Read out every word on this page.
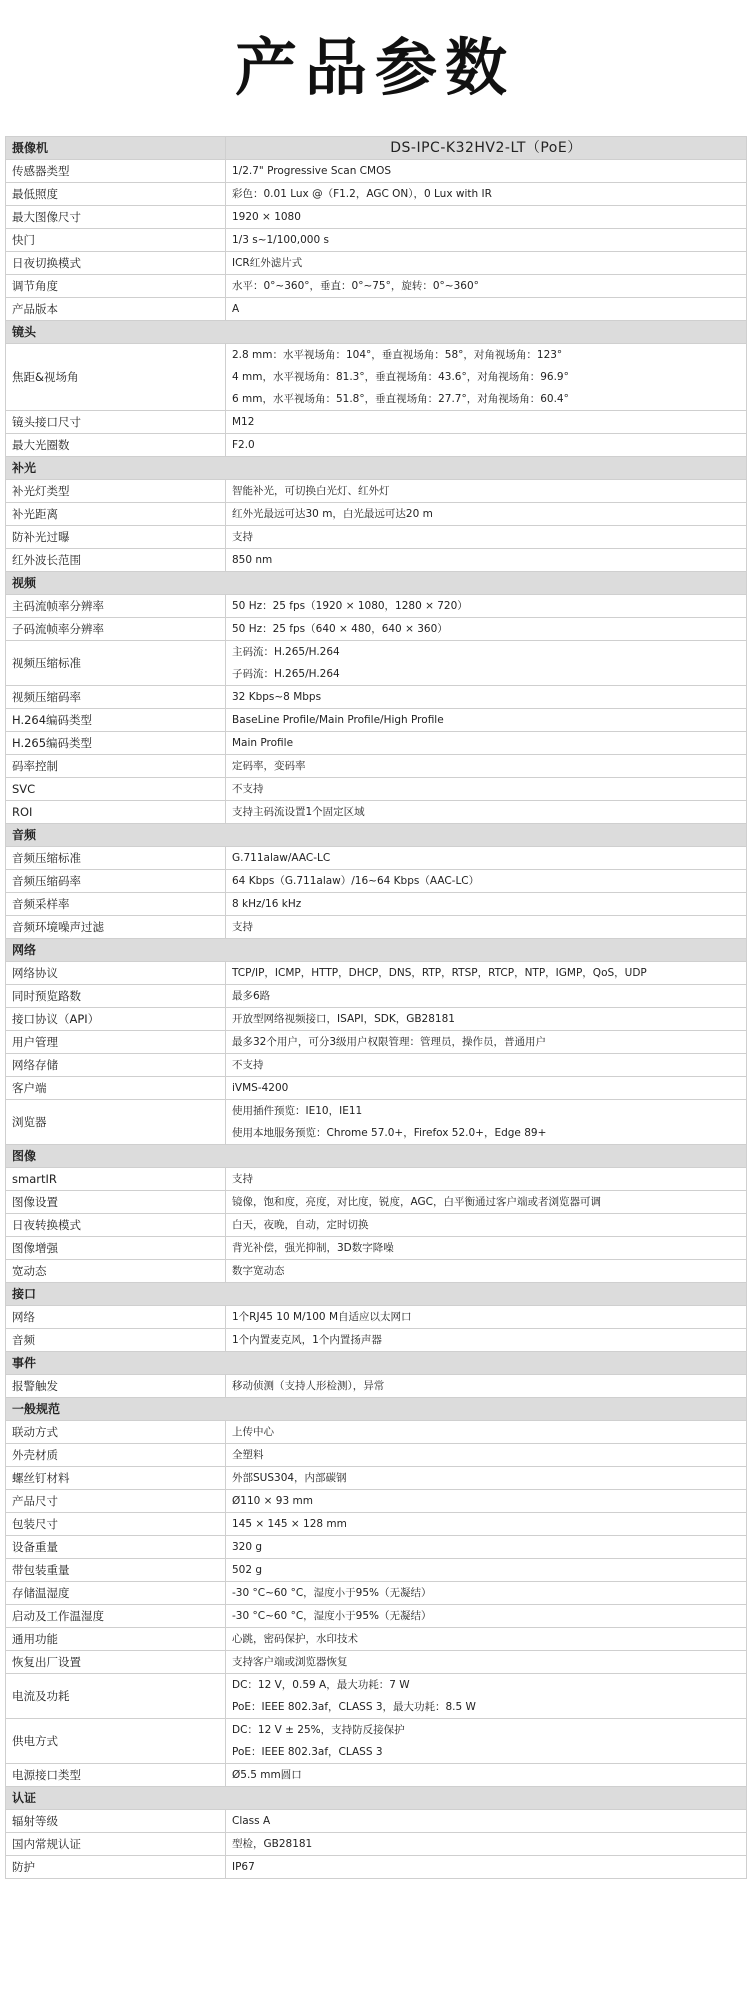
产品参数
摄像机	DS-IPC-K32HV2-LT（PoE）
传感器类型	1/2.7" Progressive Scan CMOS

最低照度	彩色：0.01 Lux @（F1.2，AGC ON），0 Lux with IR

最大图像尺寸	1920 × 1080

快门	1/3 s~1/100,000 s

日夜切换模式	ICR红外滤片式

调节角度	水平：0°~360°，垂直：0°~75°，旋转：0°~360°

产品版本	A

镜头	
焦距&视场角	2.8 mm：水平视场角：104°，垂直视场角：58°，对角视场角：123°
4 mm，水平视场角：81.3°，垂直视场角：43.6°，对角视场角：96.9°
6 mm，水平视场角：51.8°，垂直视场角：27.7°，对角视场角：60.4°

镜头接口尺寸	M12

最大光圈数	F2.0

补光	
补光灯类型	智能补光，可切换白光灯、红外灯

补光距离	红外光最远可达30 m，白光最远可达20 m

防补光过曝	支持

红外波长范围	850 nm

视频	
主码流帧率分辨率	50 Hz：25 fps（1920 × 1080，1280 × 720）

子码流帧率分辨率	50 Hz：25 fps（640 × 480，640 × 360）

视频压缩标准	主码流：H.265/H.264
子码流：H.265/H.264

视频压缩码率	32 Kbps~8 Mbps

H.264编码类型	BaseLine Profile/Main Profile/High Profile

H.265编码类型	Main Profile

码率控制	定码率，变码率

SVC	不支持

ROI	支持主码流设置1个固定区域

音频	
音频压缩标准	G.711alaw/AAC-LC

音频压缩码率	64 Kbps（G.711alaw）/16~64 Kbps（AAC-LC）

音频采样率	8 kHz/16 kHz

音频环境噪声过滤	支持

网络	
网络协议	TCP/IP，ICMP，HTTP，DHCP，DNS，RTP，RTSP，RTCP，NTP，IGMP，QoS，UDP

同时预览路数	最多6路

接口协议（API）	开放型网络视频接口，ISAPI，SDK，GB28181

用户管理	最多32个用户，可分3级用户权限管理：管理员，操作员，普通用户

网络存储	不支持

客户端	iVMS-4200

浏览器	使用插件预览：IE10，IE11
使用本地服务预览：Chrome 57.0+，Firefox 52.0+，Edge 89+

图像	
smartIR	支持

图像设置	镜像，饱和度，亮度，对比度，锐度，AGC，白平衡通过客户端或者浏览器可调

日夜转换模式	白天，夜晚，自动，定时切换

图像增强	背光补偿，强光抑制，3D数字降噪

宽动态	数字宽动态

接口	
网络	1个RJ45 10 M/100 M自适应以太网口

音频	1个内置麦克风，1个内置扬声器

事件	
报警触发	移动侦测（支持人形检测），异常

一般规范	
联动方式	上传中心

外壳材质	全塑料

螺丝钉材料	外部SUS304，内部碳钢

产品尺寸	Ø110 × 93 mm

包装尺寸	145 × 145 × 128 mm

设备重量	320 g

带包装重量	502 g

存储温湿度	-30 °C~60 °C，湿度小于95%（无凝结）

启动及工作温湿度	-30 °C~60 °C，湿度小于95%（无凝结）

通用功能	心跳，密码保护，水印技术

恢复出厂设置	支持客户端或浏览器恢复

电流及功耗	DC：12 V，0.59 A，最大功耗：7 W
PoE：IEEE 802.3af，CLASS 3，最大功耗：8.5 W

供电方式	DC：12 V ± 25%，支持防反接保护
PoE：IEEE 802.3af，CLASS 3

电源接口类型	Ø5.5 mm圆口

认证	
辐射等级	Class A

国内常规认证	型检，GB28181

防护	IP67
